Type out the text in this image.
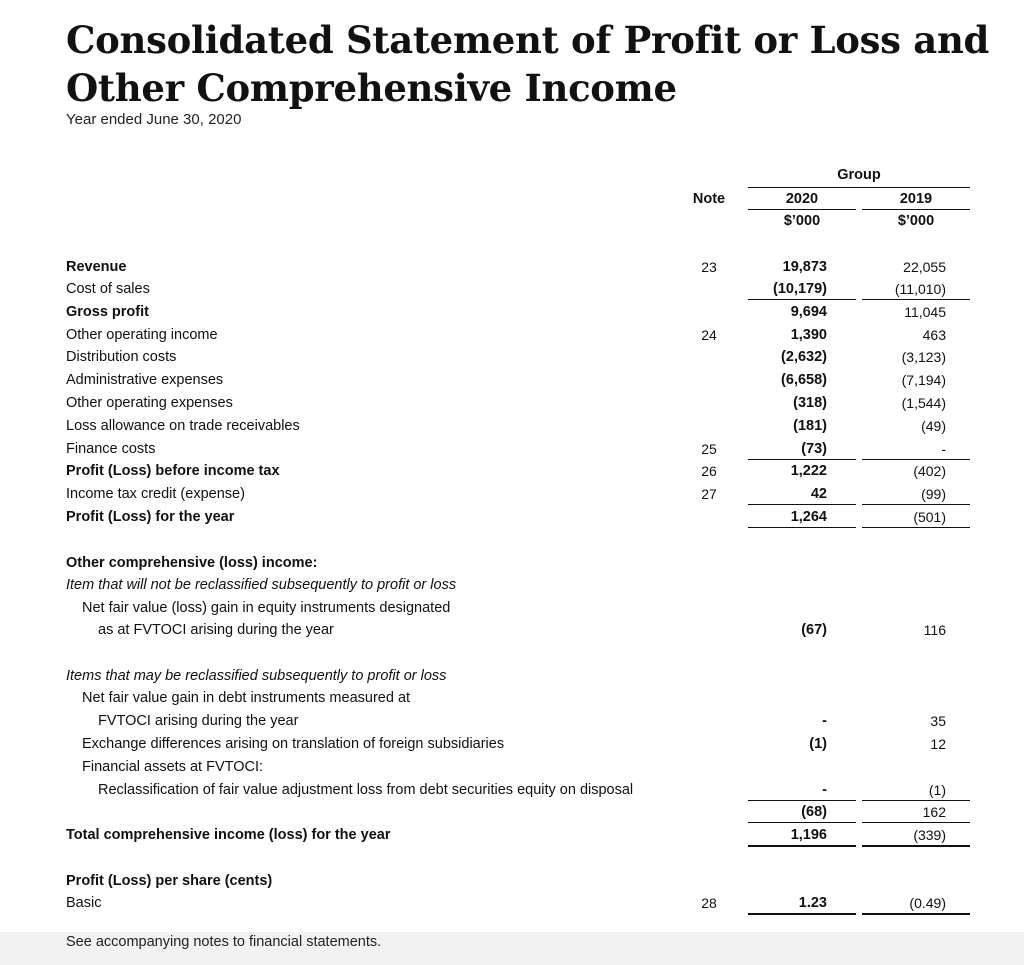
Consolidated Statement of Profit or Loss and
Other Comprehensive Income
Year ended June 30, 2020
Group
Note	2020	2019
$’000	$’000
Revenue	23	19,873	22,055
Cost of sales	(10,179)	(11,010)
Gross profit	9,694	11,045
Other operating income	24	1,390	463
Distribution costs	(2,632)	(3,123)
Administrative expenses	(6,658)	(7,194)
Other operating expenses	(318)	(1,544)
Loss allowance on trade receivables	(181)	(49)
Finance costs	25	(73)	-
Profit (Loss) before income tax	26	1,222	(402)
Income tax credit (expense)	27	42	(99)
Profit (Loss) for the year	1,264	(501)
Other comprehensive (loss) income:
Item that will not be reclassified subsequently to profit or loss
Net fair value (loss) gain in equity instruments designated
as at FVTOCI arising during the year	(67)	116
Items that may be reclassified subsequently to profit or loss
Net fair value gain in debt instruments measured at
FVTOCI arising during the year	-	35
Exchange differences arising on translation of foreign subsidiaries	(1)	12
Financial assets at FVTOCI:
Reclassification of fair value adjustment loss from debt securities equity on disposal	-	(1)
(68)	162
Total comprehensive income (loss) for the year	1,196	(339)
Profit (Loss) per share (cents)
Basic	28	1.23	(0.49)
See accompanying notes to financial statements.
